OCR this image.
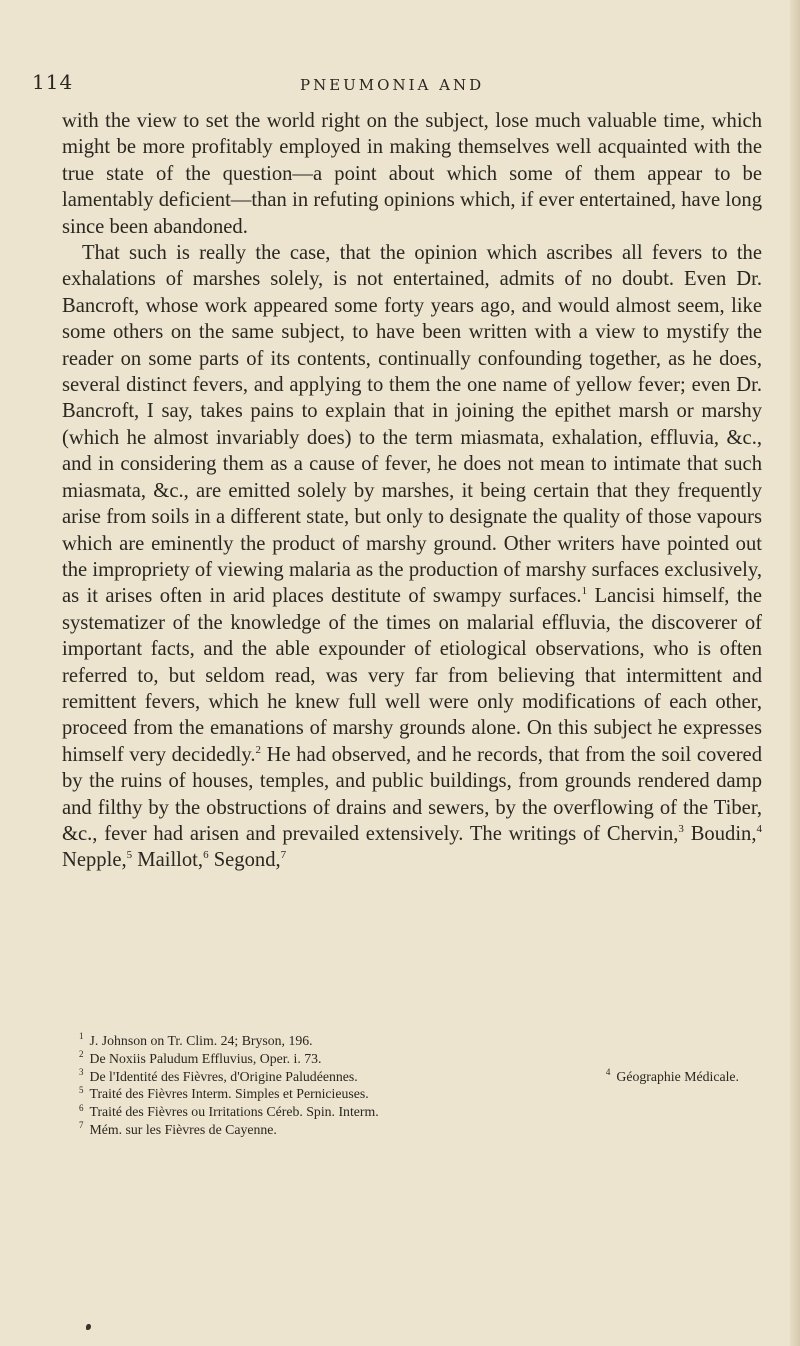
114	PNEUMONIA AND

with the view to set the world right on the subject, lose much valuable time, which might be more profitably employed in making themselves well acquainted with the true state of the question—a point about which some of them appear to be lamentably deficient—than in refuting opinions which, if ever entertained, have long since been abandoned.

That such is really the case, that the opinion which ascribes all fevers to the exhalations of marshes solely, is not entertained, admits of no doubt. Even Dr. Bancroft, whose work appeared some forty years ago, and would almost seem, like some others on the same subject, to have been written with a view to mystify the reader on some parts of its contents, continually confounding together, as he does, several distinct fevers, and applying to them the one name of yellow fever; even Dr. Bancroft, I say, takes pains to explain that in joining the epithet marsh or marshy (which he almost invariably does) to the term miasmata, exhalation, effluvia, &c., and in considering them as a cause of fever, he does not mean to intimate that such miasmata, &c., are emitted solely by marshes, it being certain that they frequently arise from soils in a different state, but only to designate the quality of those vapours which are eminently the product of marshy ground. Other writers have pointed out the impropriety of viewing malaria as the production of marshy surfaces exclusively, as it arises often in arid places destitute of swampy surfaces.$^1$ Lancisi himself, the systematizer of the knowledge of the times on malarial effluvia, the discoverer of important facts, and the able expounder of etiological observations, who is often referred to, but seldom read, was very far from believing that intermittent and remittent fevers, which he knew full well were only modifications of each other, proceed from the emanations of marshy grounds alone. On this subject he expresses himself very decidedly.$^2$ He had observed, and he records, that from the soil covered by the ruins of houses, temples, and public buildings, from grounds rendered damp and filthy by the obstructions of drains and sewers, by the overflowing of the Tiber, &c., fever had arisen and prevailed extensively. The writings of Chervin,$^3$ Boudin,$^4$ Nepple,$^5$ Maillot,$^6$ Segond,$^7$

$^1$ J. Johnson on Tr. Clim. 24; Bryson, 196.
$^2$ De Noxiis Paludum Effluvius, Oper. i. 73.
$^3$ De l'Identité des Fièvres, d'Origine Paludéennes.	$^4$ Géographie Médicale.
$^5$ Traité des Fièvres Interm. Simples et Pernicieuses.
$^6$ Traité des Fièvres ou Irritations Céreb. Spin. Interm.
$^7$ Mém. sur les Fièvres de Cayenne.
